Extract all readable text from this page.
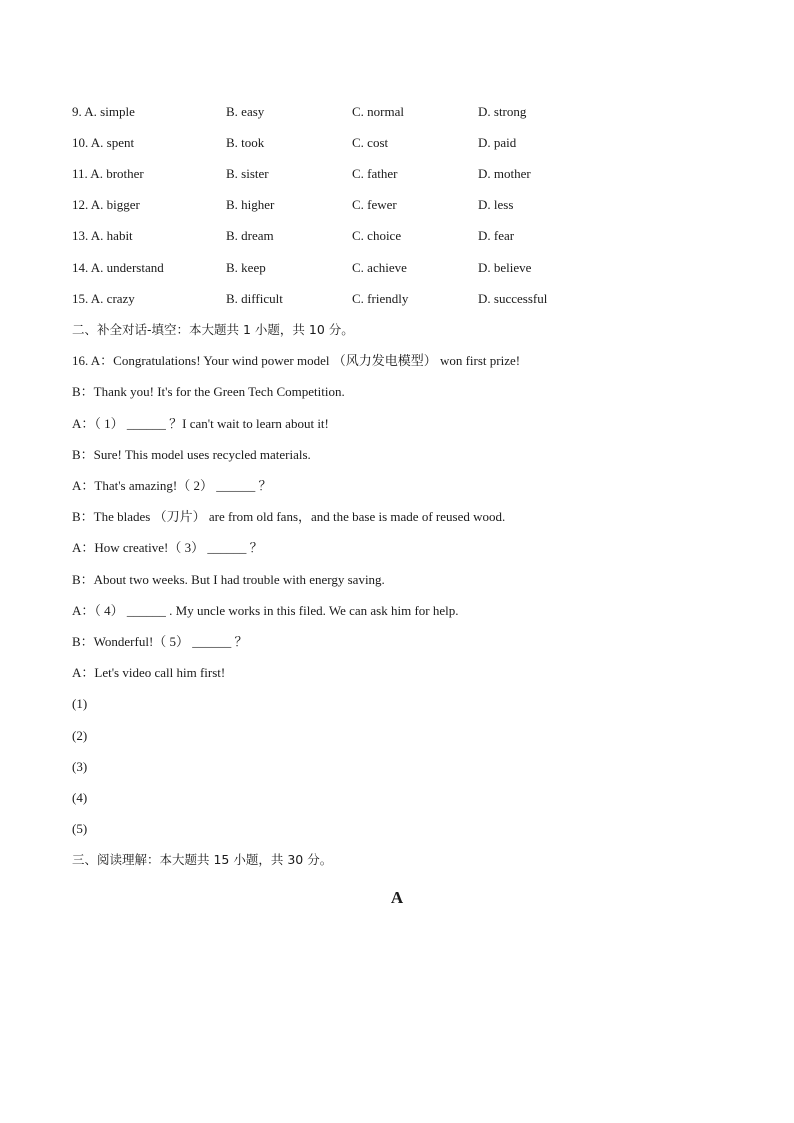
9. A. simple	B. easy	C. normal	D. strong
10. A. spent	B. took	C. cost	D. paid
11. A. brother	B. sister	C. father	D. mother
12. A. bigger	B. higher	C. fewer	D. less
13. A. habit	B. dream	C. choice	D. fear
14. A. understand	B. keep	C. achieve	D. believe
15. A. crazy	B. difficult	C. friendly	D. successful
二、补全对话-填空：本大题共 1 小题，共 10 分。
16. A：Congratulations! Your wind power model （风力发电模型） won first prize!
B：Thank you! It's for the Green Tech Competition.
A：（ 1） ______ ？I can't wait to learn about it!
B：Sure! This model uses recycled materials.
A：That's amazing!（ 2） ______ ？
B：The blades （刀片） are from old fans，and the base is made of reused wood.
A：How creative!（ 3） ______ ？
B：About two weeks. But I had trouble with energy saving.
A：（ 4） ______ . My uncle works in this filed. We can ask him for help.
B：Wonderful!（ 5） ______ ？
A：Let's video call him first!
(1)
(2)
(3)
(4)
(5)
三、阅读理解：本大题共 15 小题，共 30 分。
A
